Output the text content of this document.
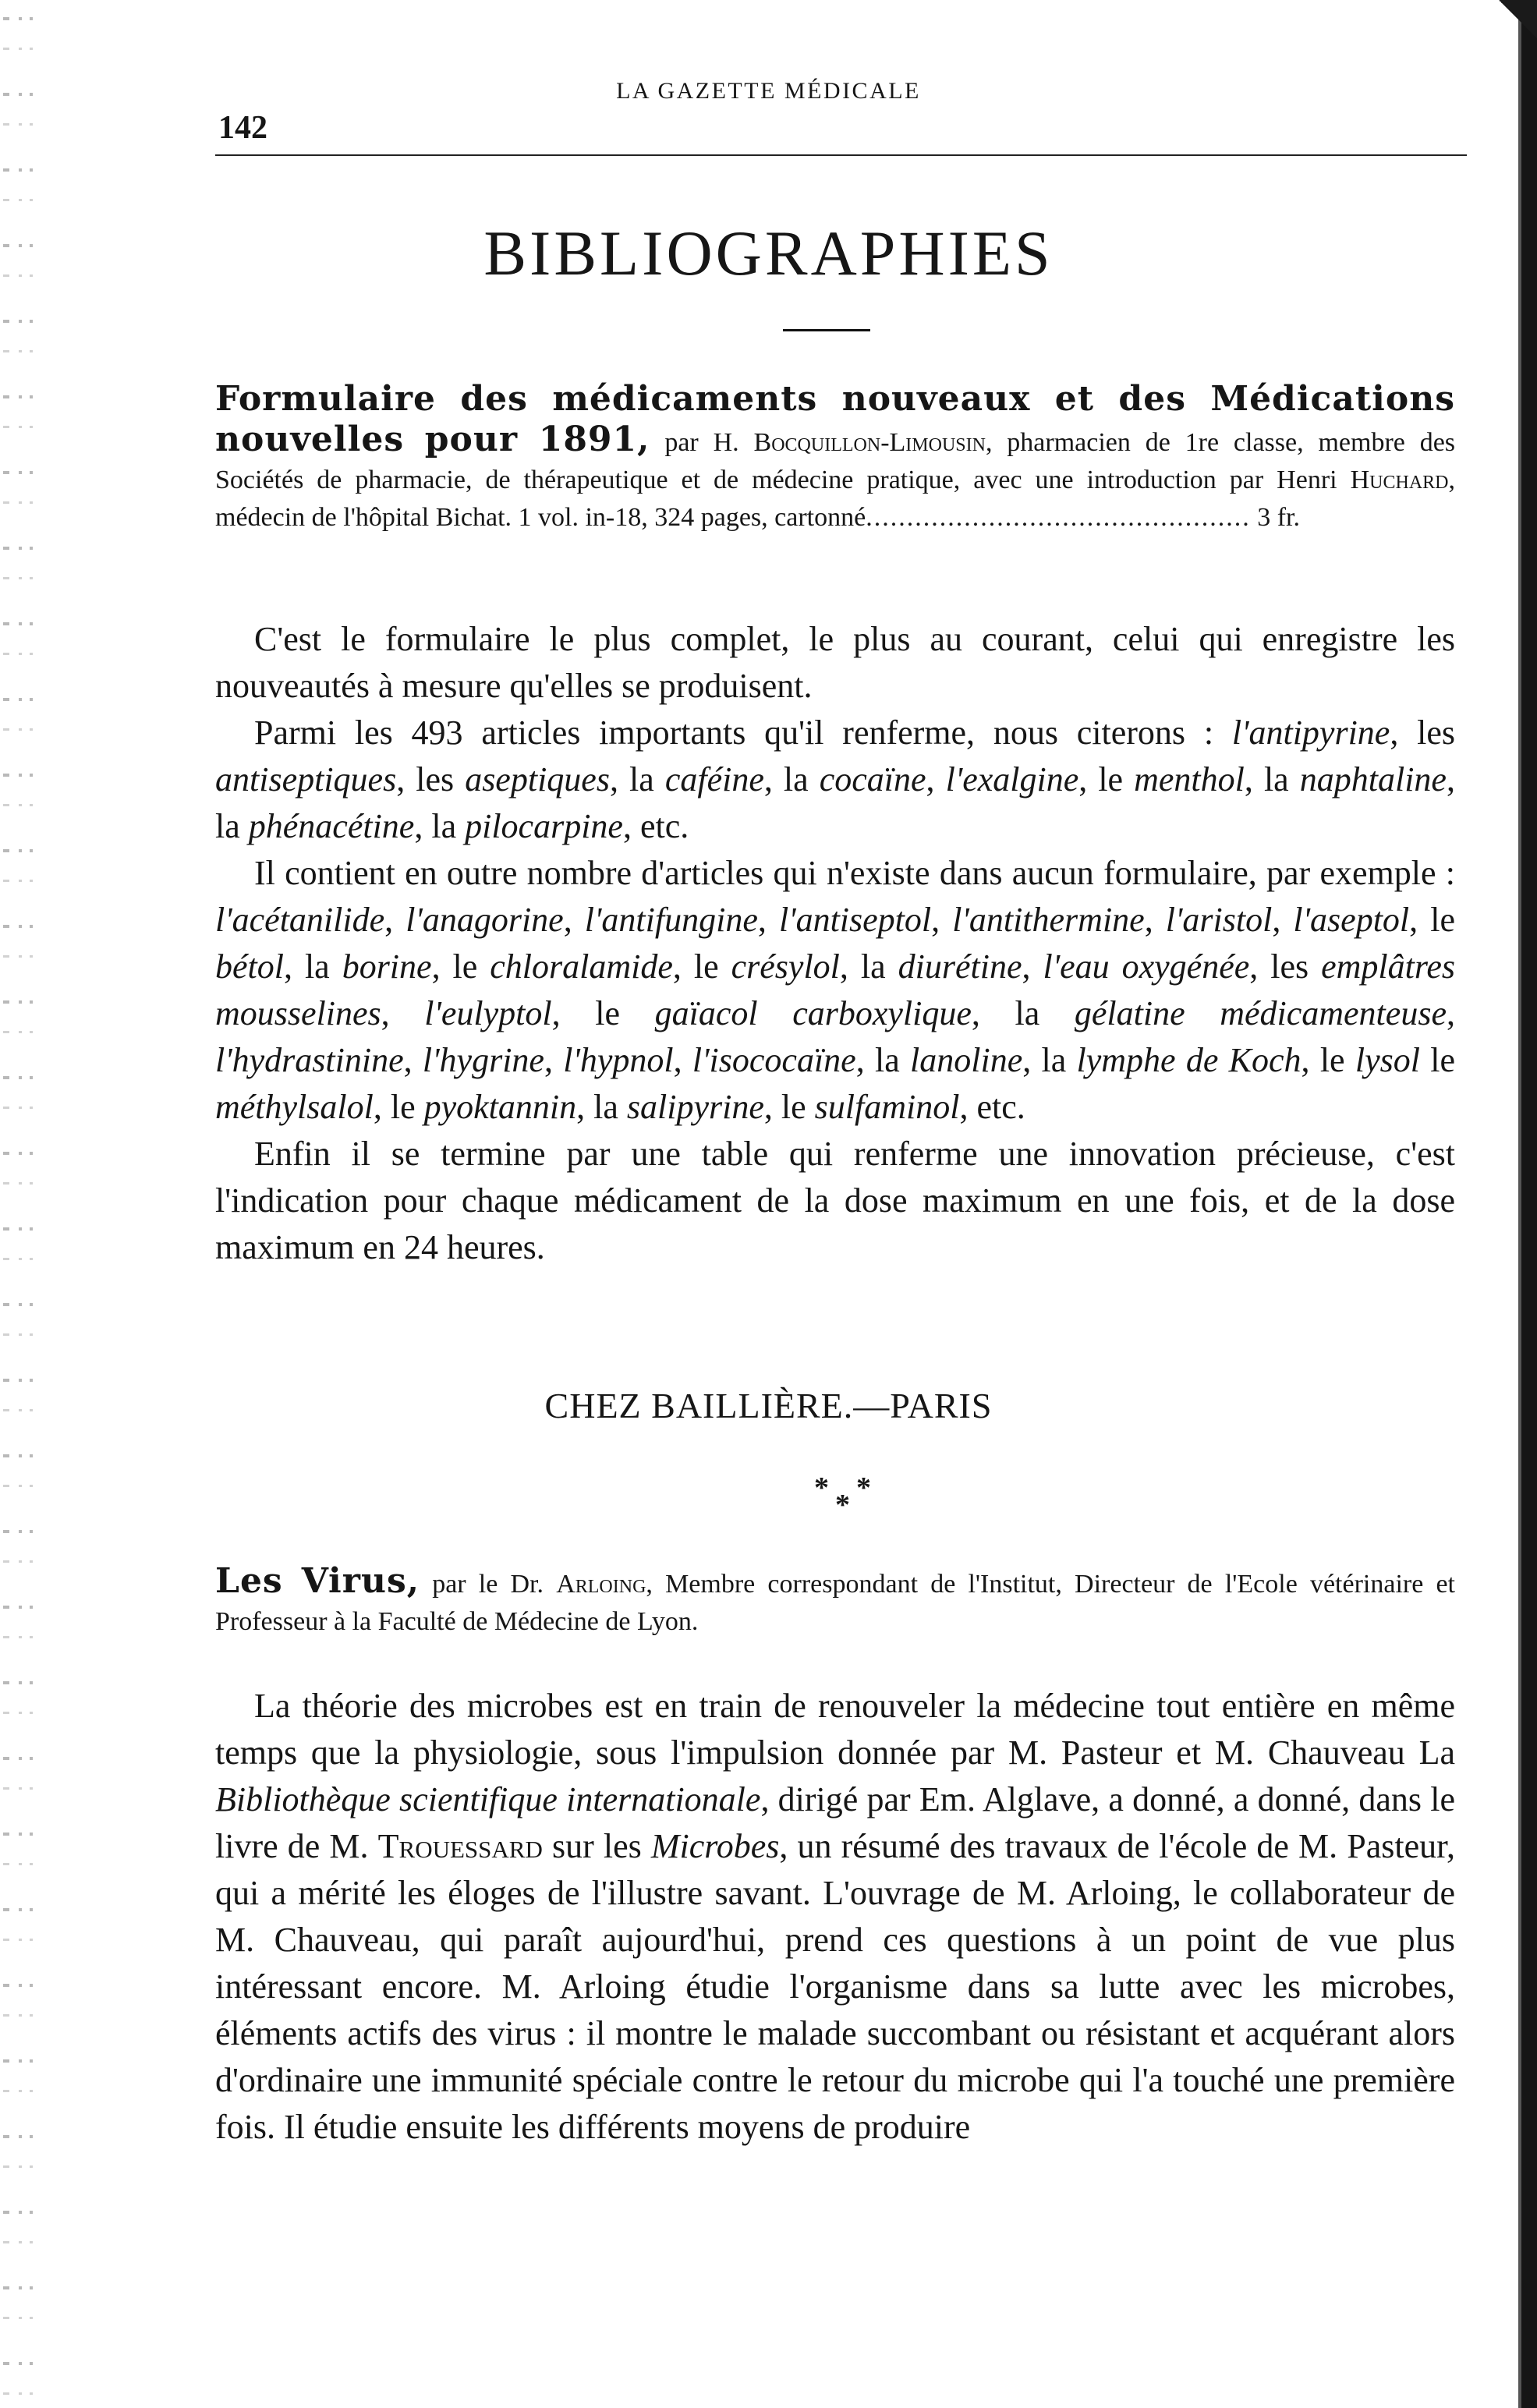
LA GAZETTE MÉDICALE
142
BIBLIOGRAPHIES
Formulaire des médicaments nouveaux et des Médications nouvelles pour 1891, par H. Bocquillon-Limousin, pharmacien de 1re classe, membre des Sociétés de pharmacie, de thérapeutique et de médecine pratique, avec une introduction par Henri Huchard, médecin de l'hôpital Bichat. 1 vol. in-18, 324 pages, cartonné............................................... 3 fr.

C'est le formulaire le plus complet, le plus au courant, celui qui enregistre les nouveautés à mesure qu'elles se produisent.

Parmi les 493 articles importants qu'il renferme, nous citerons : l'antipyrine, les antiseptiques, les aseptiques, la caféine, la cocaïne, l'exalgine, le menthol, la naphtaline, la phénacétine, la pilocarpine, etc.

Il contient en outre nombre d'articles qui n'existe dans aucun formulaire, par exemple : l'acétanilide, l'anagorine, l'antifungine, l'antiseptol, l'antithermine, l'aristol, l'aseptol, le bétol, la borine, le chloralamide, le crésylol, la diurétine, l'eau oxygénée, les emplâtres mousselines, l'eulyptol, le gaïacol carboxylique, la gélatine médicamenteuse, l'hydrastinine, l'hygrine, l'hypnol, l'isococaïne, la lanoline, la lymphe de Koch, le lysol le méthylsalol, le pyoktannin, la salipyrine, le sulfaminol, etc.

Enfin il se termine par une table qui renferme une innovation précieuse, c'est l'indication pour chaque médicament de la dose maximum en une fois, et de la dose maximum en 24 heures.

CHEZ BAILLIÈRE.—PARIS
* *
*
Les Virus, par le Dr. Arloing, Membre correspondant de l'Institut, Directeur de l'Ecole vétérinaire et Professeur à la Faculté de Médecine de Lyon.

La théorie des microbes est en train de renouveler la médecine tout entière en même temps que la physiologie, sous l'impulsion donnée par M. Pasteur et M. Chauveau La Bibliothèque scientifique internationale, dirigé par Em. Alglave, a donné, a donné, dans le livre de M. Trouessard sur les Microbes, un résumé des travaux de l'école de M. Pasteur, qui a mérité les éloges de l'illustre savant. L'ouvrage de M. Arloing, le collaborateur de M. Chauveau, qui paraît aujourd'hui, prend ces questions à un point de vue plus intéressant encore. M. Arloing étudie l'organisme dans sa lutte avec les microbes, éléments actifs des virus : il montre le malade succombant ou résistant et acquérant alors d'ordinaire une immunité spéciale contre le retour du microbe qui l'a touché une première fois. Il étudie ensuite les différents moyens de produire
